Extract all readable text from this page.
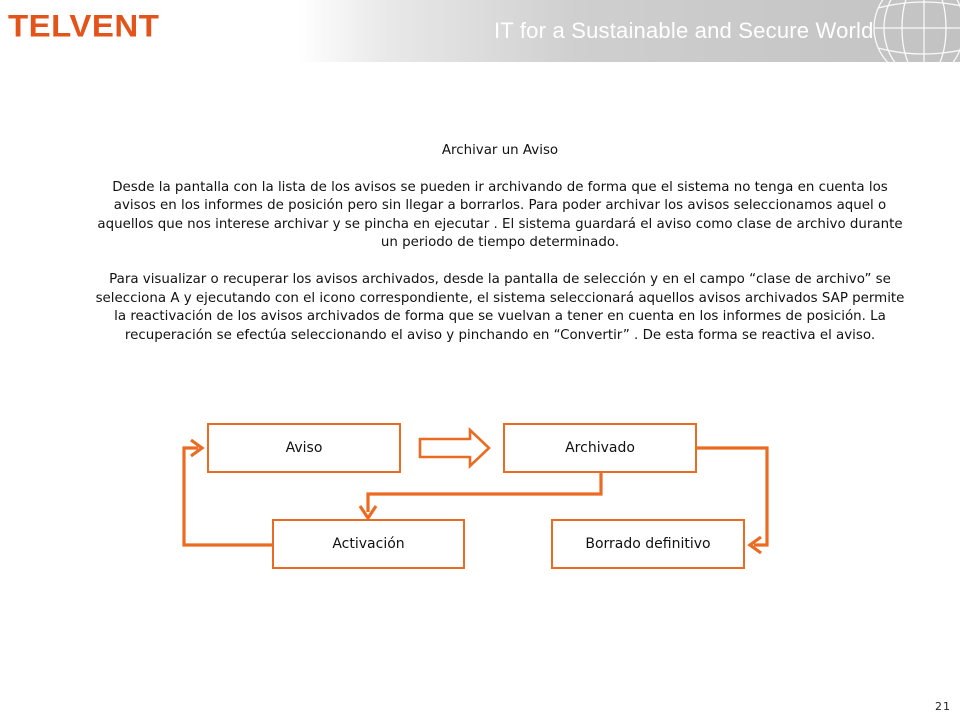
TELVENT	IT for a Sustainable and Secure World

Archivar un Aviso

Desde la pantalla con la lista de los avisos se pueden ir archivando de forma que el sistema no tenga en cuenta los avisos en los informes de posición pero sin llegar a borrarlos. Para poder archivar los avisos seleccionamos aquel o aquellos que nos interese archivar y se pincha en ejecutar . El sistema guardará el aviso como clase de archivo durante un periodo de tiempo determinado.

Para visualizar o recuperar los avisos archivados, desde la pantalla de selección y en el campo “clase de archivo” se selecciona A y ejecutando con el icono correspondiente, el sistema seleccionará aquellos avisos archivados SAP permite la reactivación de los avisos archivados de forma que se vuelvan a tener en cuenta en los informes de posición. La recuperación se efectúa seleccionando el aviso y pinchando en “Convertir” . De esta forma se reactiva el aviso.

Aviso	Archivado
Activación	Borrado definitivo
21
